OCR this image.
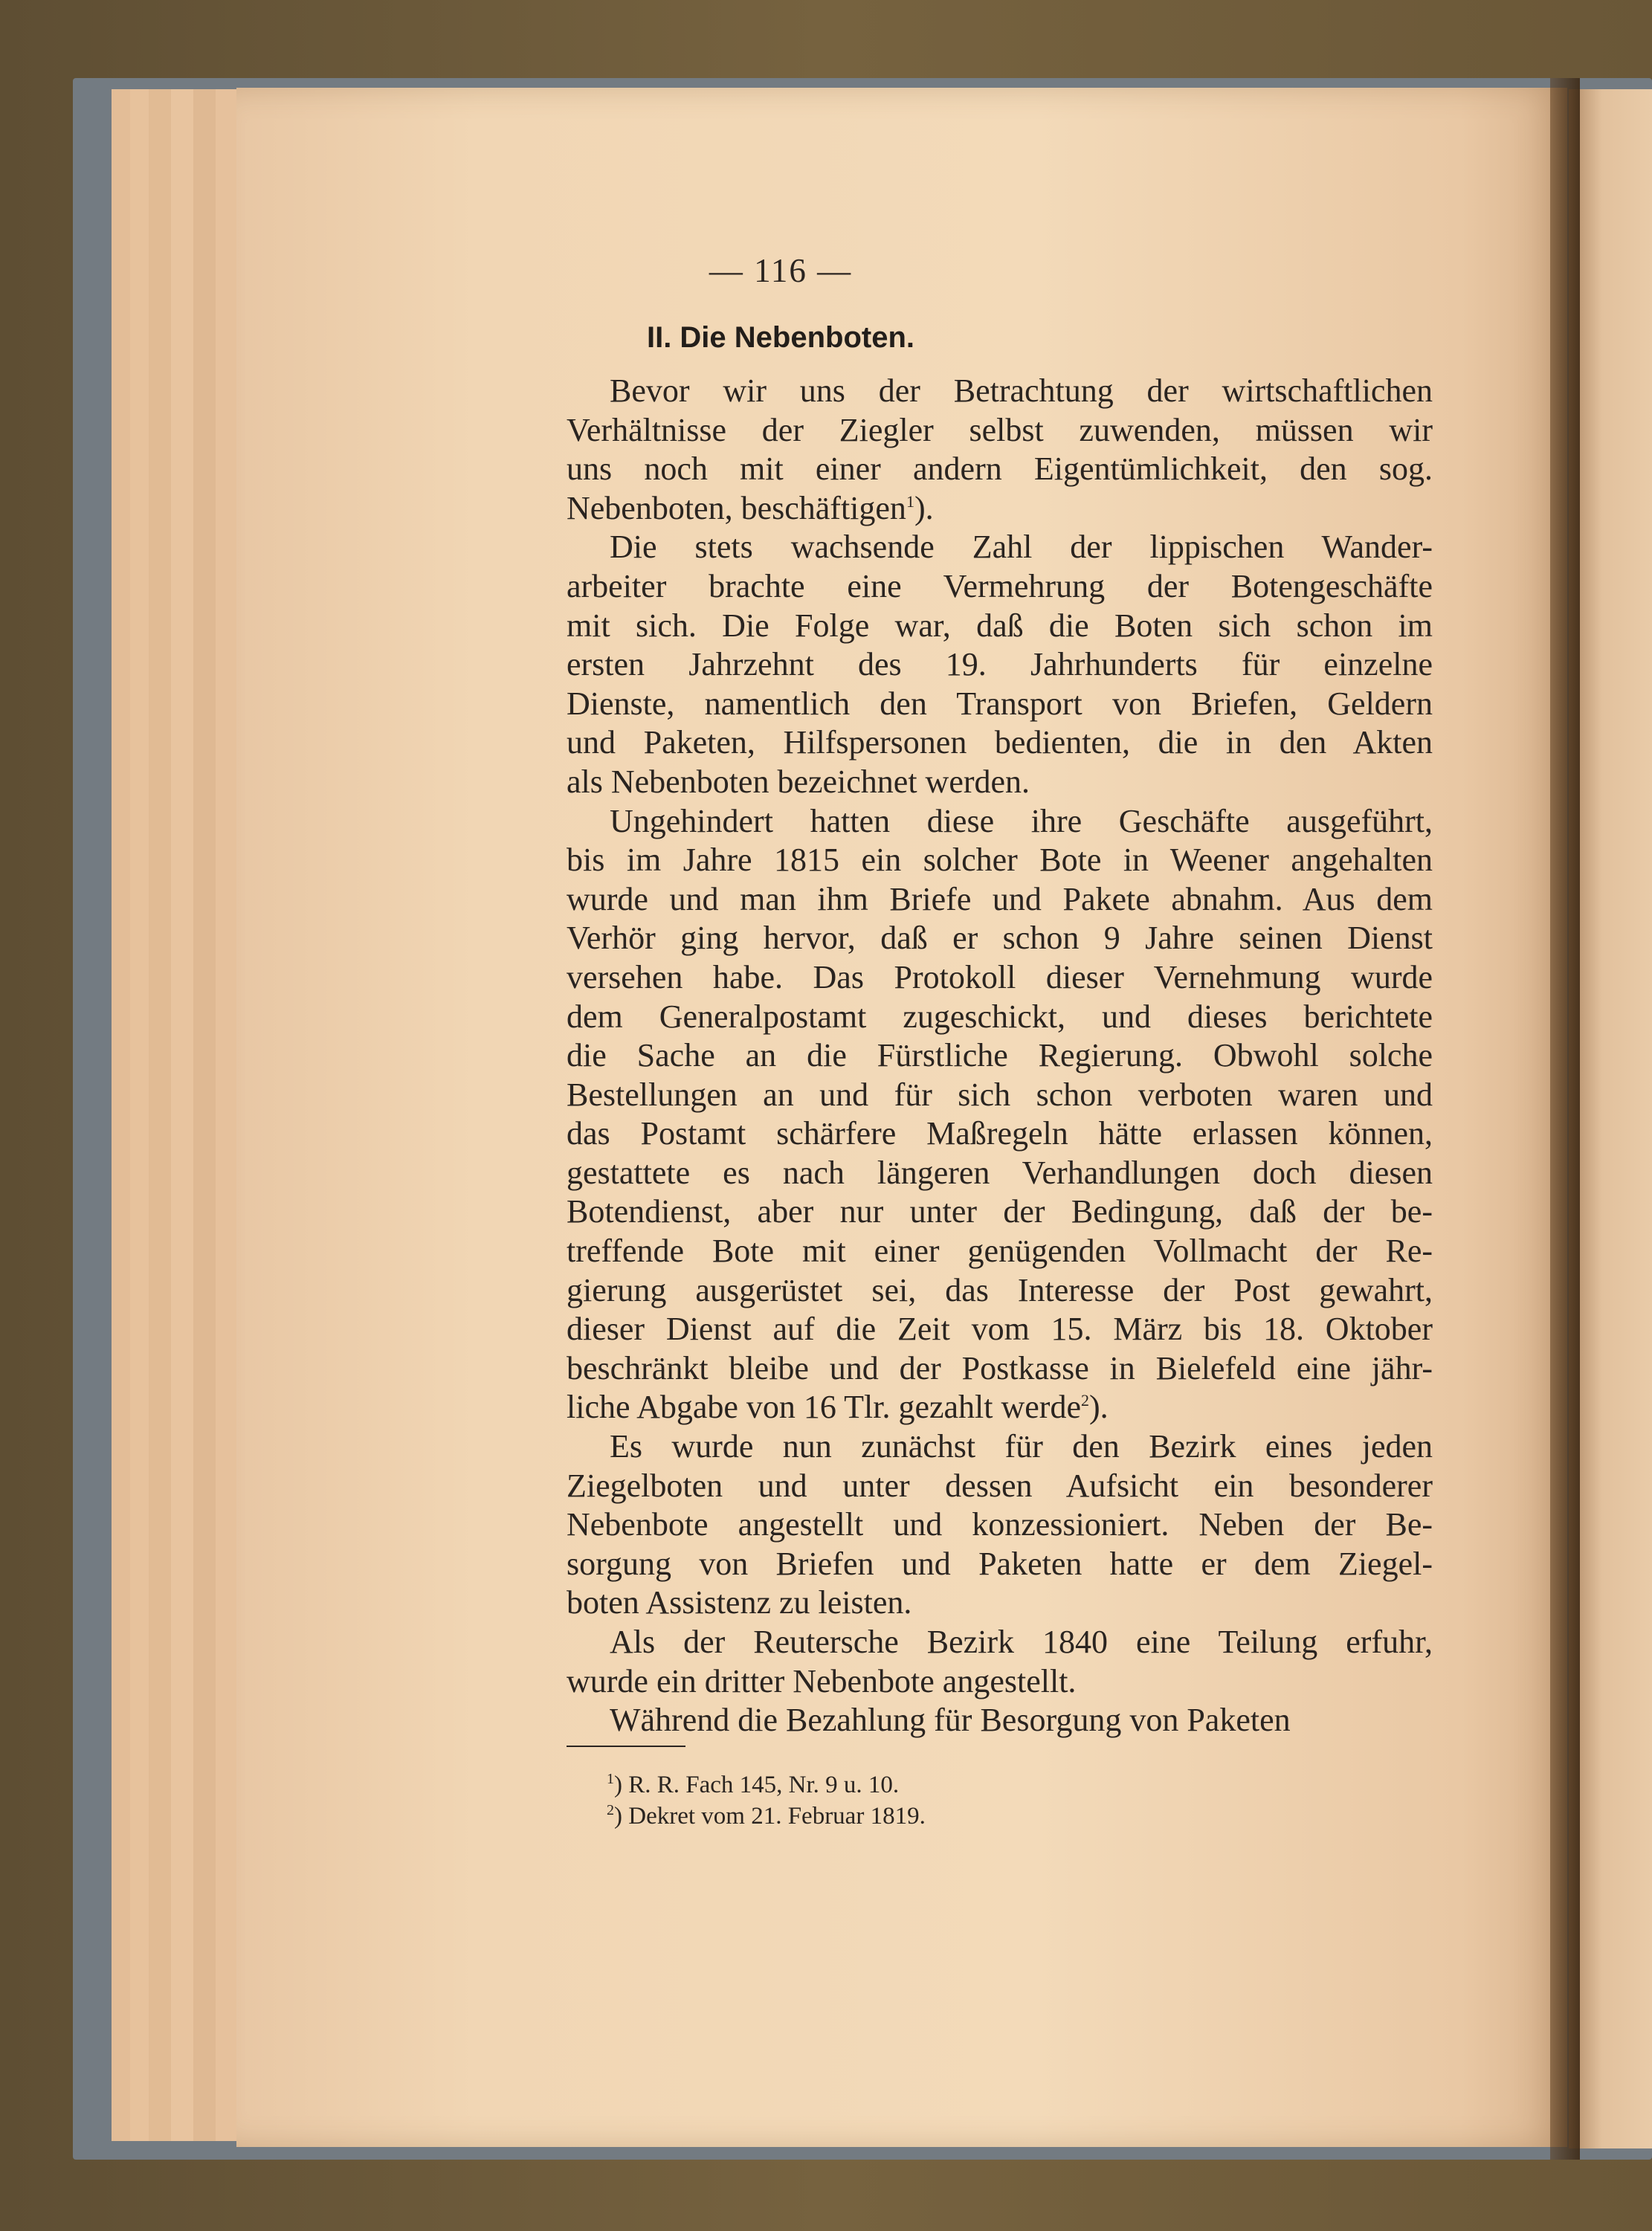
— 116 —
II. Die Nebenboten.

Bevor wir uns der Betrachtung der wirtschaftlichen
Verhältnisse der Ziegler selbst zuwenden, müssen wir
uns noch mit einer andern Eigentümlichkeit, den sog.
Nebenboten, beschäftigen$^1$).

Die stets wachsende Zahl der lippischen Wander-
arbeiter brachte eine Vermehrung der Botengeschäfte
mit sich. Die Folge war, daß die Boten sich schon im
ersten Jahrzehnt des 19. Jahrhunderts für einzelne
Dienste, namentlich den Transport von Briefen, Geldern
und Paketen, Hilfspersonen bedienten, die in den Akten
als Nebenboten bezeichnet werden.

Ungehindert hatten diese ihre Geschäfte ausgeführt,
bis im Jahre 1815 ein solcher Bote in Weener angehalten
wurde und man ihm Briefe und Pakete abnahm. Aus dem
Verhör ging hervor, daß er schon 9 Jahre seinen Dienst
versehen habe. Das Protokoll dieser Vernehmung wurde
dem Generalpostamt zugeschickt, und dieses berichtete
die Sache an die Fürstliche Regierung. Obwohl solche
Bestellungen an und für sich schon verboten waren und
das Postamt schärfere Maßregeln hätte erlassen können,
gestattete es nach längeren Verhandlungen doch diesen
Botendienst, aber nur unter der Bedingung, daß der be-
treffende Bote mit einer genügenden Vollmacht der Re-
gierung ausgerüstet sei, das Interesse der Post gewahrt,
dieser Dienst auf die Zeit vom 15. März bis 18. Oktober
beschränkt bleibe und der Postkasse in Bielefeld eine jähr-
liche Abgabe von 16 Tlr. gezahlt werde$^2$).

Es wurde nun zunächst für den Bezirk eines jeden
Ziegelboten und unter dessen Aufsicht ein besonderer
Nebenbote angestellt und konzessioniert. Neben der Be-
sorgung von Briefen und Paketen hatte er dem Ziegel-
boten Assistenz zu leisten.

Als der Reutersche Bezirk 1840 eine Teilung erfuhr,
wurde ein dritter Nebenbote angestellt.

Während die Bezahlung für Besorgung von Paketen

$^1$) R. R. Fach 145, Nr. 9 u. 10.
$^2$) Dekret vom 21. Februar 1819.
